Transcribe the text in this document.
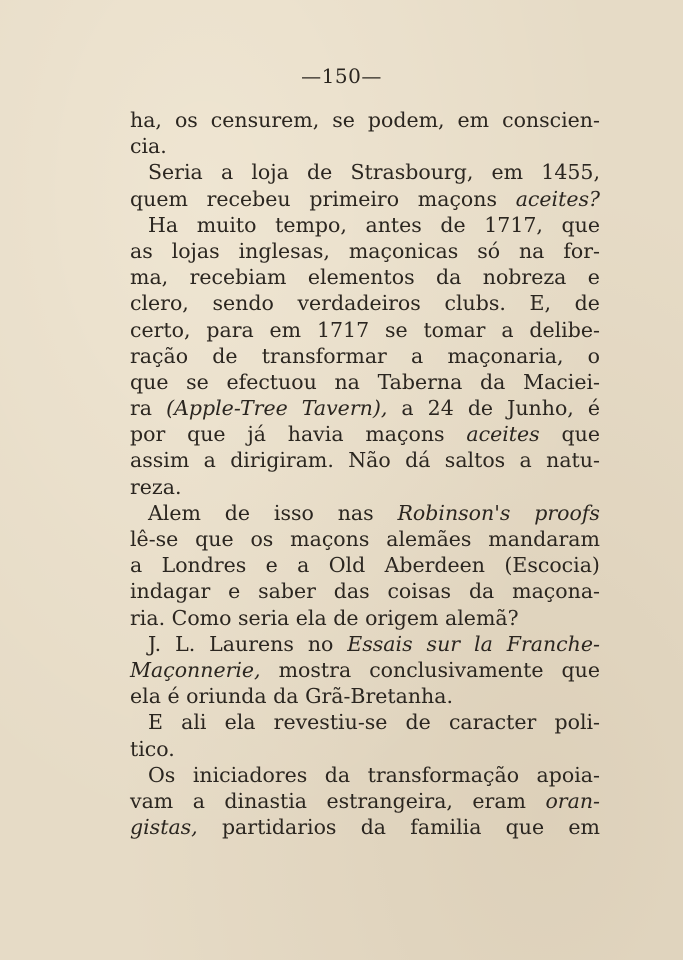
—150—
ha, os censurem, se podem, em conscien-
cia.
Seria a loja de Strasbourg, em 1455,
quem recebeu primeiro maçons aceites?
Ha muito tempo, antes de 1717, que
as lojas inglesas, maçonicas só na for-
ma, recebiam elementos da nobreza e
clero, sendo verdadeiros clubs. E, de
certo, para em 1717 se tomar a delibe-
ração de transformar a maçonaria, o
que se efectuou na Taberna da Maciei-
ra (Apple-Tree Tavern), a 24 de Junho, é
por que já havia maçons aceites que
assim a dirigiram. Não dá saltos a natu-
reza.
Alem de isso nas Robinson's proofs
lê-se que os maçons alemães mandaram
a Londres e a Old Aberdeen (Escocia)
indagar e saber das coisas da maçona-
ria. Como seria ela de origem alemã?
J. L. Laurens no Essais sur la Franche-
Maçonnerie, mostra conclusivamente que
ela é oriunda da Grã-Bretanha.
E ali ela revestiu-se de caracter poli-
tico.
Os iniciadores da transformação apoia-
vam a dinastia estrangeira, eram oran-
gistas, partidarios da familia que em
